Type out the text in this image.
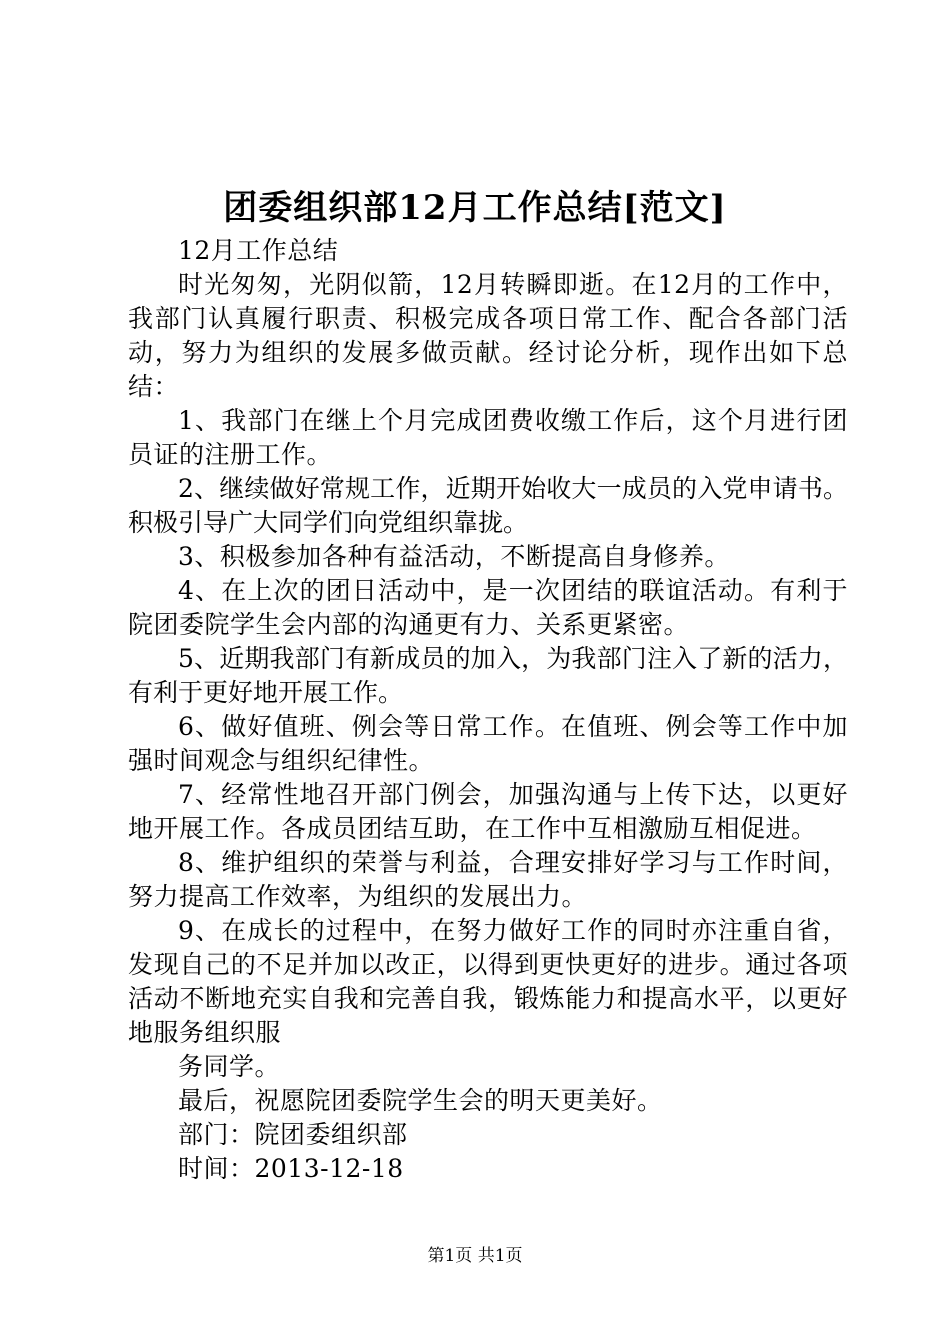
团委组织部12月工作总结[范文]

12月工作总结

时光匆匆，光阴似箭，12月转瞬即逝。在12月的工作中，我部门认真履行职责、积极完成各项日常工作、配合各部门活动，努力为组织的发展多做贡献。经讨论分析，现作出如下总结：

1、我部门在继上个月完成团费收缴工作后，这个月进行团员证的注册工作。

2、继续做好常规工作，近期开始收大一成员的入党申请书。积极引导广大同学们向党组织靠拢。

3、积极参加各种有益活动，不断提高自身修养。

4、在上次的团日活动中，是一次团结的联谊活动。有利于院团委院学生会内部的沟通更有力、关系更紧密。

5、近期我部门有新成员的加入，为我部门注入了新的活力，有利于更好地开展工作。

6、做好值班、例会等日常工作。在值班、例会等工作中加强时间观念与组织纪律性。

7、经常性地召开部门例会，加强沟通与上传下达，以更好地开展工作。各成员团结互助，在工作中互相激励互相促进。

8、维护组织的荣誉与利益，合理安排好学习与工作时间，努力提高工作效率，为组织的发展出力。

9、在成长的过程中，在努力做好工作的同时亦注重自省，发现自己的不足并加以改正，以得到更快更好的进步。通过各项活动不断地充实自我和完善自我，锻炼能力和提高水平，以更好地服务组织服

务同学。

最后，祝愿院团委院学生会的明天更美好。

部门：院团委组织部

时间：2013-12-18

第1页 共1页
